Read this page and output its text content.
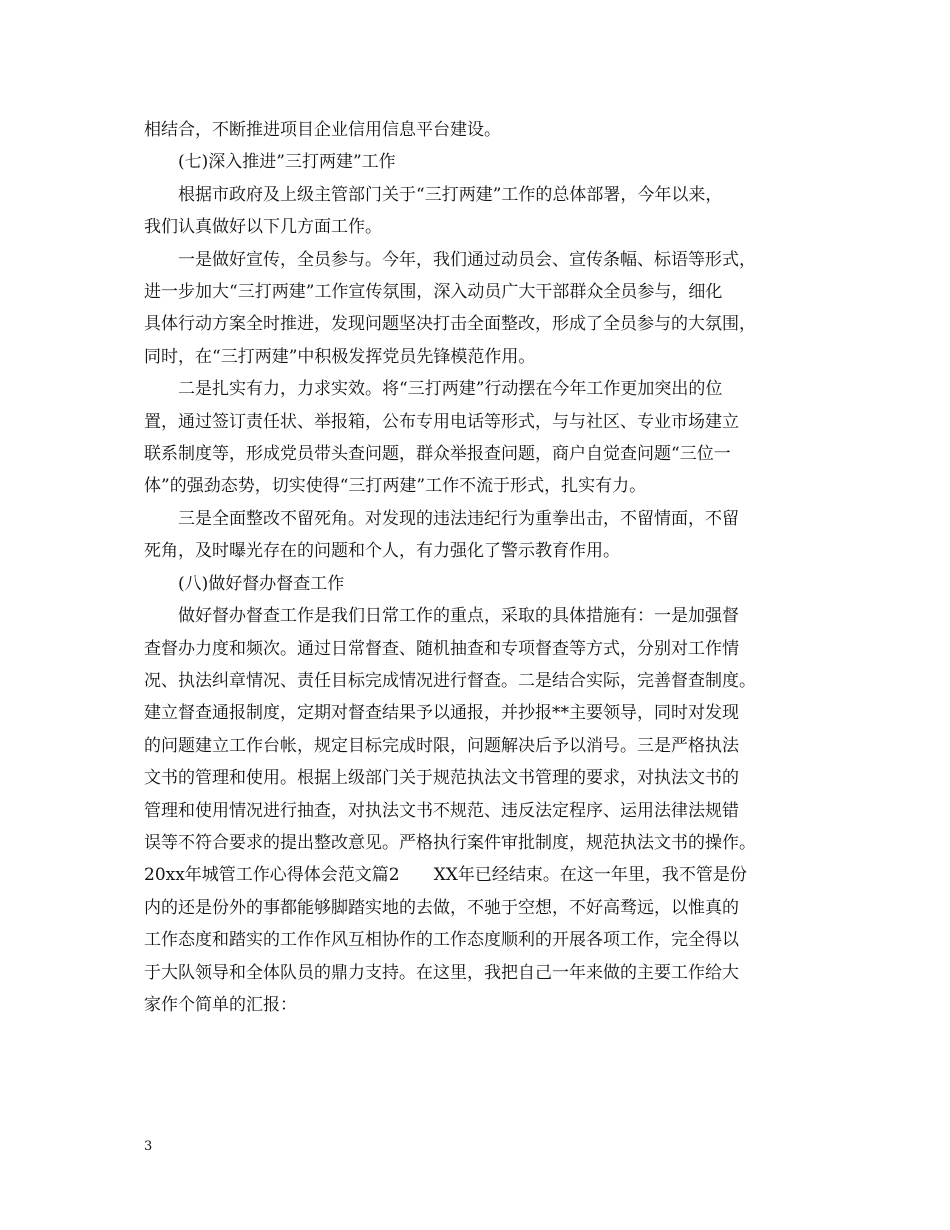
相结合，不断推进项目企业信用信息平台建设。

(七)深入推进”三打两建”工作

根据市政府及上级主管部门关于“三打两建”工作的总体部署，今年以来，

我们认真做好以下几方面工作。

一是做好宣传，全员参与。今年，我们通过动员会、宣传条幅、标语等形式，

进一步加大“三打两建”工作宣传氛围，深入动员广大干部群众全员参与，细化

具体行动方案全时推进，发现问题坚决打击全面整改，形成了全员参与的大氛围，

同时，在“三打两建”中积极发挥党员先锋模范作用。

二是扎实有力，力求实效。将“三打两建”行动摆在今年工作更加突出的位

置，通过签订责任状、举报箱，公布专用电话等形式，与与社区、专业市场建立

联系制度等，形成党员带头查问题，群众举报查问题，商户自觉查问题“三位一

体”的强劲态势，切实使得“三打两建”工作不流于形式，扎实有力。

三是全面整改不留死角。对发现的违法违纪行为重拳出击，不留情面，不留

死角，及时曝光存在的问题和个人，有力强化了警示教育作用。

(八)做好督办督查工作

做好督办督查工作是我们日常工作的重点，采取的具体措施有：一是加强督

查督办力度和频次。通过日常督查、随机抽查和专项督查等方式，分别对工作情

况、执法纠章情况、责任目标完成情况进行督查。二是结合实际，完善督查制度。

建立督查通报制度，定期对督查结果予以通报，并抄报**主要领导，同时对发现

的问题建立工作台帐，规定目标完成时限，问题解决后予以消号。三是严格执法

文书的管理和使用。根据上级部门关于规范执法文书管理的要求，对执法文书的

管理和使用情况进行抽查，对执法文书不规范、违反法定程序、运用法律法规错

误等不符合要求的提出整改意见。严格执行案件审批制度，规范执法文书的操作。

20xx年城管工作心得体会范文篇2　　XX年已经结束。在这一年里，我不管是份

内的还是份外的事都能够脚踏实地的去做，不驰于空想，不好高骛远，以惟真的

工作态度和踏实的工作作风互相协作的工作态度顺利的开展各项工作，完全得以

于大队领导和全体队员的鼎力支持。在这里，我把自己一年来做的主要工作给大

家作个简单的汇报：

3
